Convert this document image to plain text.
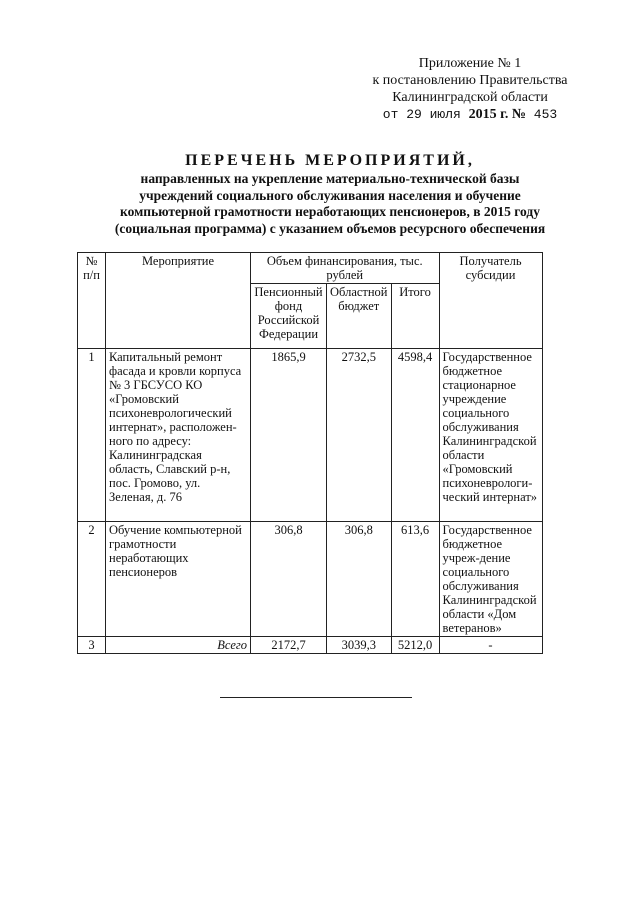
Приложение № 1
к постановлению Правительства
Калининградской области
от 29 июля 2015 г. № 453
ПЕРЕЧЕНЬ МЕРОПРИЯТИЙ,
направленных на укрепление материально-технической базы
учреждений социального обслуживания населения и обучение
компьютерной грамотности неработающих пенсионеров, в 2015 году
(социальная программа) с указанием объемов ресурсного обеспечения
№ п/п	Мероприятие	Объем финансирования, тыс. рублей			Получатель субсидии
		Пенсионный фонд Российской Федерации	Областной бюджет	Итого	
1	Капитальный ремонт фасада и кровли корпуса № 3 ГБСУСО КО «Громовский психоневрологический интернат», расположен-ного по адресу: Калининградская область, Славский р-н, пос. Громово, ул. Зеленая, д. 76	1865,9	2732,5	4598,4	Государственное бюджетное стационарное учреждение социального обслуживания Калининградской области «Громовский психоневрологи-ческий интернат»
2	Обучение компьютерной грамотности неработающих пенсионеров	306,8	306,8	613,6	Государственное бюджетное учреж-дение социального обслуживания Калининградской области «Дом ветеранов»
3	Всего	2172,7	3039,3	5212,0	-
